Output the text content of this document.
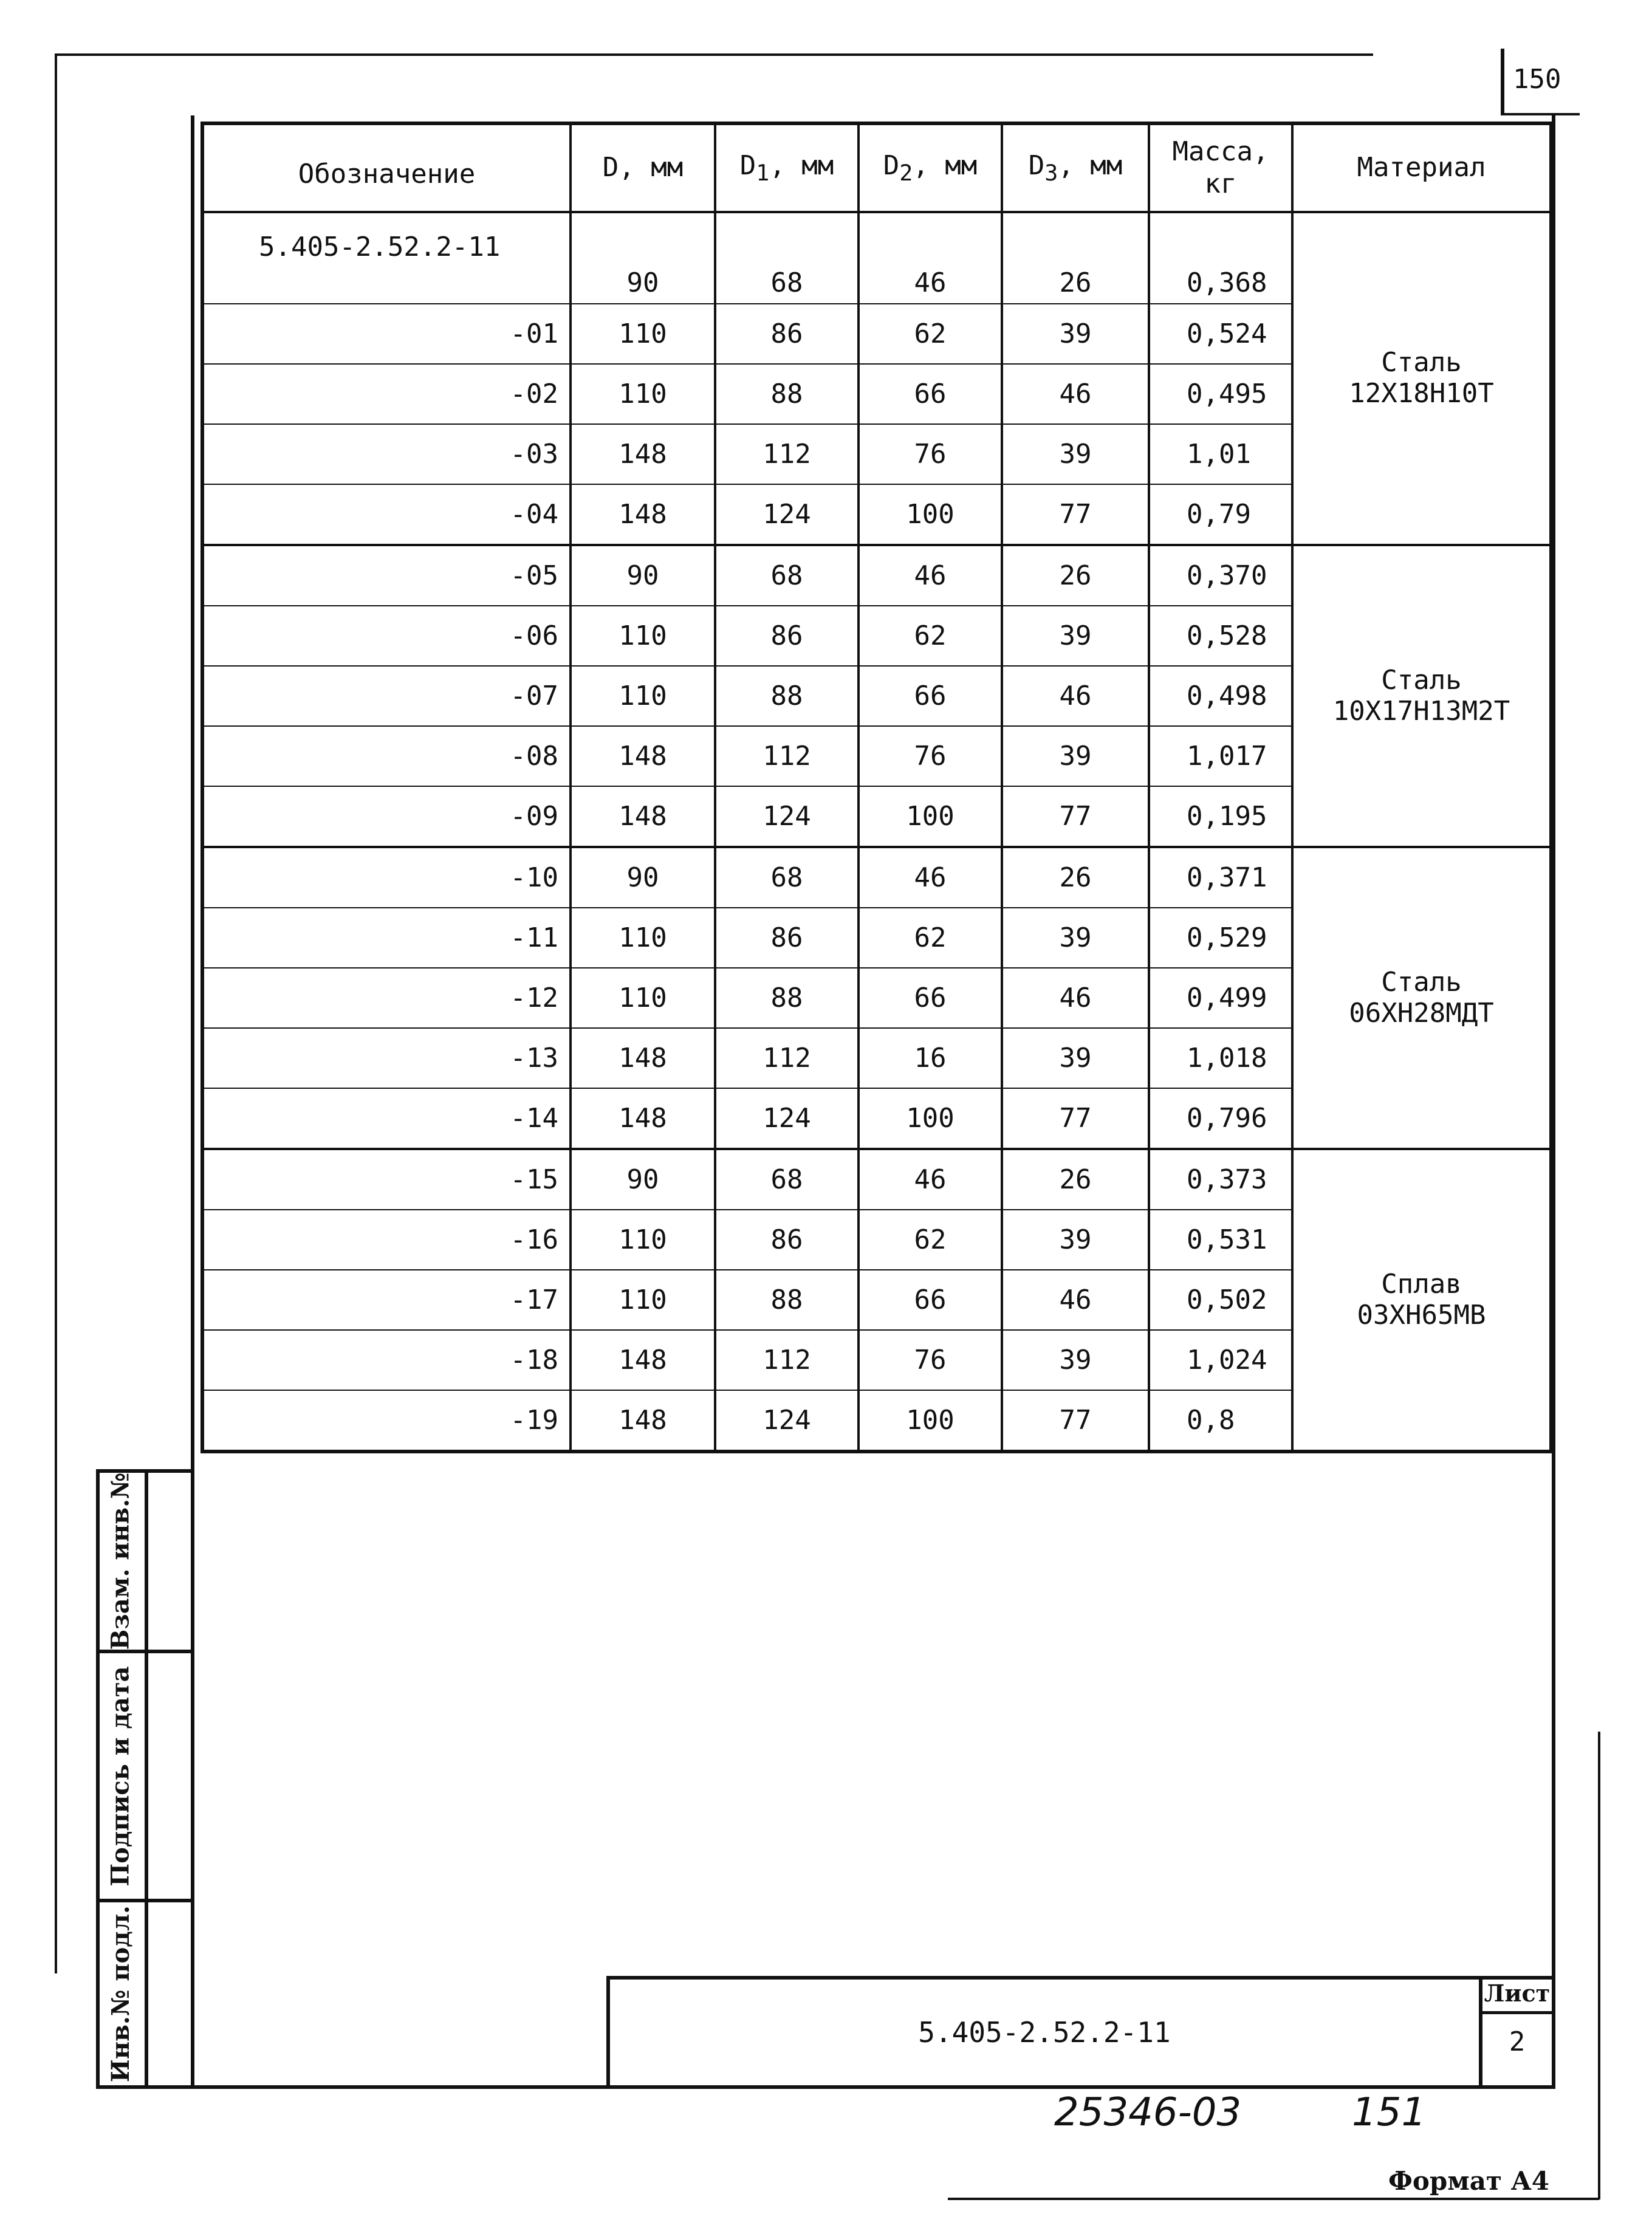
150
Обозначение	D, мм	$D_1$, мм	$D_2$, мм	$D_3$, мм	Масса,
кг	Материал
5.405-2.52.2-11	90	68	46	26	0,368	Сталь
12Х18Н10Т

-01	110	86	62	39	0,524	
-02	110	88	66	46	0,495	
-03	148	112	76	39	1,01	
-04	148	124	100	77	0,79	
-05	90	68	46	26	0,370	Сталь
10Х17Н13М2Т

-06	110	86	62	39	0,528	
-07	110	88	66	46	0,498	
-08	148	112	76	39	1,017	
-09	148	124	100	77	0,195	
-10	90	68	46	26	0,371	Сталь
06ХН28МДТ

-11	110	86	62	39	0,529	
-12	110	88	66	46	0,499	
-13	148	112	16	39	1,018	
-14	148	124	100	77	0,796	
-15	90	68	46	26	0,373	Сплав
03ХН65МВ

-16	110	86	62	39	0,531	
-17	110	88	66	46	0,502	
-18	148	112	76	39	1,024	
-19	148	124	100	77	0,8	
Взам. инв.№
Подпись и дата
Инв.№ подл.	5.405-2.52.2-11
Лист
2
25346-03	151
Формат А4
